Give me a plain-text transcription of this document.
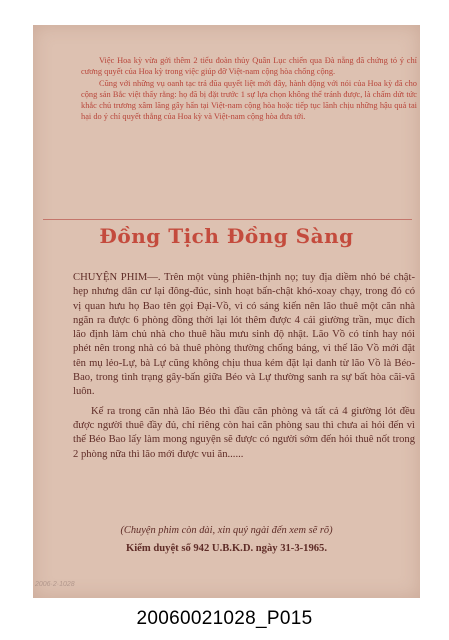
Việc Hoa kỳ vừa gởi thêm 2 tiểu đoàn thủy Quân Lục chiến qua Đà nẵng đã chứng tỏ ý chí cương quyết của Hoa kỳ trong việc giúp đỡ Việt-nam cộng hòa chống cộng.

Cũng với những vụ oanh tạc trả đũa quyết liệt mới đây, hành động với nói của Hoa kỳ đã cho cộng sản Bắc việt thấy rằng: họ đã bị đặt trước 1 sự lựa chọn không thể tránh được, là chấm dứt tức khắc chủ trương xâm lăng gây hấn tại Việt-nam cộng hòa hoặc tiếp tục lãnh chịu những hậu quả tai hại do ý chí quyết thắng của Hoa kỳ và Việt-nam cộng hòa đưa tới.

Đồng Tịch Đồng Sàng

CHUYỆN PHIM—. Trên một vùng phiên-thịnh nọ; tuy địa diềm nhỏ bé chật-hẹp nhưng dân cư lại đông-đúc, sinh hoạt bấn-chật khó-xoay chạy, trong đó có vị quan hưu họ Bao tên gọi Đại-Vồ, vì có sáng kiến nên lão thuê một căn nhà ngăn ra được 6 phòng đồng thời lại lót thêm được 4 cái giường trần, mục đích lão định làm chủ nhà cho thuê hầu mưu sinh độ nhật. Lão Vồ có tính hay nói phét nên trong nhà có bà thuê phòng thường chống báng, vì thế lão Vồ mới đặt tên mụ lẻo-Lự, bà Lự cũng không chịu thua kém đặt lại danh từ lão Vồ là Béo-Bao, trong tình trạng gây-bấn giữa Béo và Lự thường sanh ra sự bất hòa cãi-vã luôn.

Kể ra trong căn nhà lão Béo thì đầu căn phòng và tất cả 4 giường lót đều được người thuê đầy đủ, chỉ riêng còn hai căn phòng sau thì chưa ai hỏi đến vì thế Béo Bao lấy làm mong nguyện sẽ được có người sớm đến hỏi thuê nốt trong 2 phòng nữa thì lão mới được vui ăn......

(Chuyện phim còn dài, xin quý ngài đến xem sẽ rõ)
Kiểm duyệt số 942 U.B.K.D. ngày 31-3-1965.
2006·2·1028
20060021028_P015
